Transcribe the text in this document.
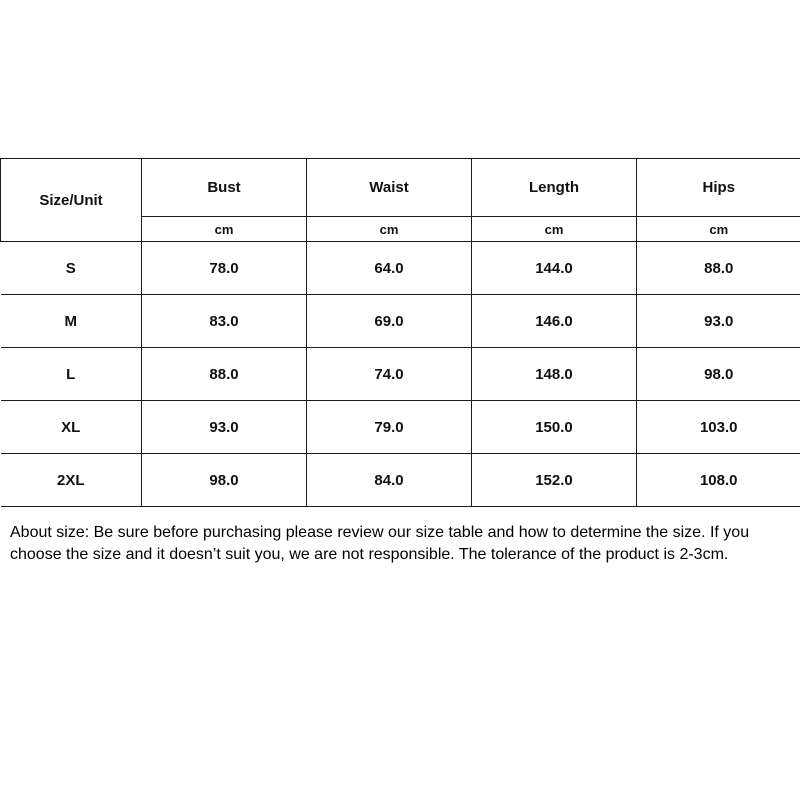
Size/Unit	Bust	Waist	Length	Hips
	cm	cm	cm	cm
S	78.0	64.0	144.0	88.0
M	83.0	69.0	146.0	93.0
L	88.0	74.0	148.0	98.0
XL	93.0	79.0	150.0	103.0
2XL	98.0	84.0	152.0	108.0

About size: Be sure before purchasing please review our size table and how to determine the size. If you choose the size and it doesn’t suit you, we are not responsible. The tolerance of the product is 2-3cm.
